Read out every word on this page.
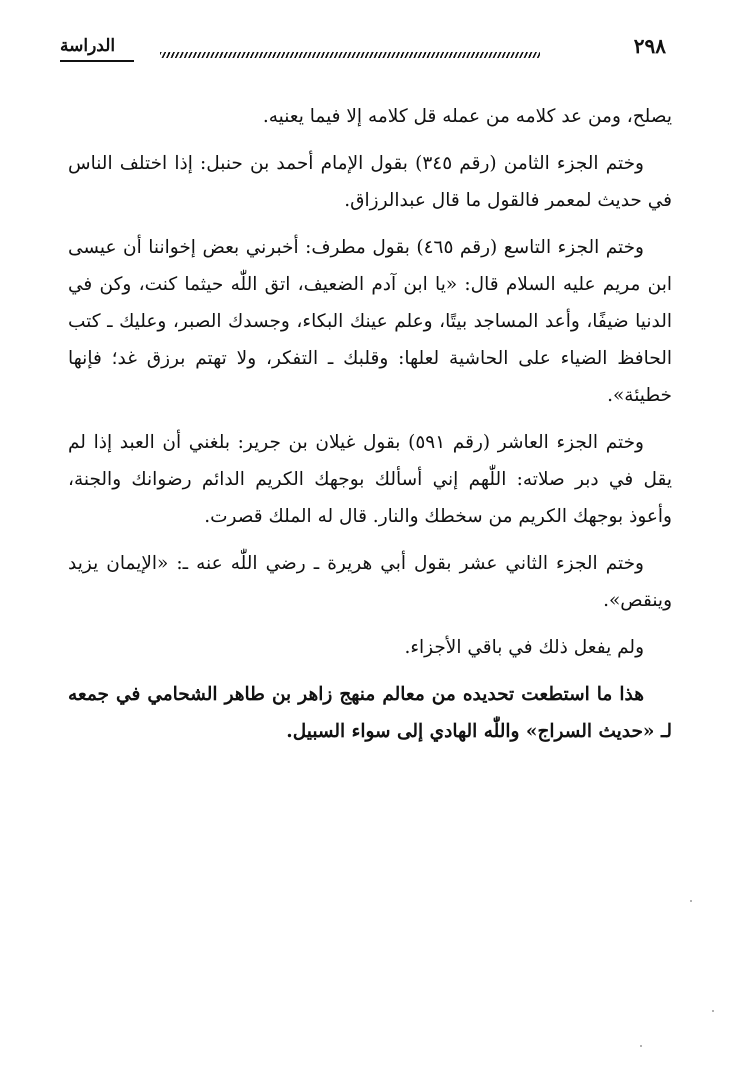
٢٩٨
الدراسة

يصلح، ومن عد كلامه من عمله قل كلامه إلا فيما يعنيه.

وختم الجزء الثامن (رقم ٣٤٥) بقول الإمام أحمد بن حنبل: إذا اختلف الناس في حديث لمعمر فالقول ما قال عبدالرزاق.

وختم الجزء التاسع (رقم ٤٦٥) بقول مطرف: أخبرني بعض إخواننا أن عيسى ابن مريم عليه السلام قال: «يا ابن آدم الضعيف، اتق اللّٰه حيثما كنت، وكن في الدنيا ضيفًا، وأعد المساجد بيتًا، وعلم عينك البكاء، وجسدك الصبر، وعليك ـ كتب الحافظ الضياء على الحاشية لعلها: وقلبك ـ التفكر، ولا تهتم برزق غد؛ فإنها خطيئة».

وختم الجزء العاشر (رقم ٥٩١) بقول غيلان بن جرير: بلغني أن العبد إذا لم يقل في دبر صلاته: اللّٰهم إني أسألك بوجهك الكريم الدائم رضوانك والجنة، وأعوذ بوجهك الكريم من سخطك والنار. قال له الملك قصرت.

وختم الجزء الثاني عشر بقول أبي هريرة ـ رضي اللّٰه عنه ـ: «الإيمان يزيد وينقص».

ولم يفعل ذلك في باقي الأجزاء.

هذا ما استطعت تحديده من معالم منهج زاهر بن طاهر الشحامي في جمعه لـ «حديث السراج» واللّٰه الهادي إلى سواء السبيل.
